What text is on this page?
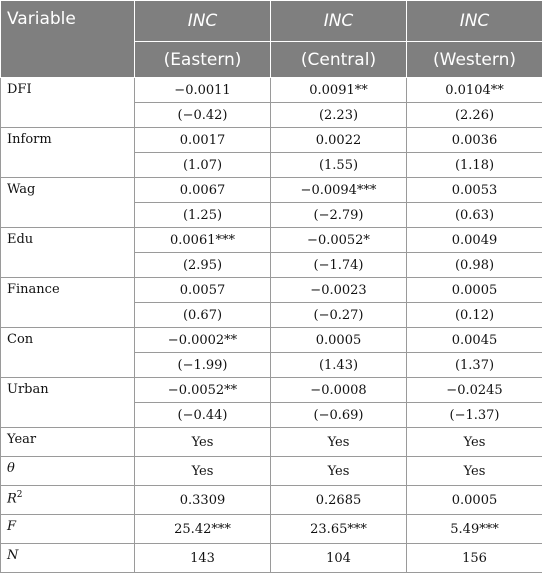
Variable	INC	INC	INC
	(Eastern)	(Central)	(Western)
DFI	−0.0011	0.0091**	0.0104**
	(−0.42)	(2.23)	(2.26)
Inform	0.0017	0.0022	0.0036
	(1.07)	(1.55)	(1.18)
Wag	0.0067	−0.0094***	0.0053
	(1.25)	(−2.79)	(0.63)
Edu	0.0061***	−0.0052*	0.0049
	(2.95)	(−1.74)	(0.98)
Finance	0.0057	−0.0023	0.0005
	(0.67)	(−0.27)	(0.12)
Con	−0.0002**	0.0005	0.0045
	(−1.99)	(1.43)	(1.37)
Urban	−0.0052**	−0.0008	−0.0245
	(−0.44)	(−0.69)	(−1.37)
Year	Yes	Yes	Yes
θ	Yes	Yes	Yes
$R^2$	0.3309	0.2685	0.0005
F	25.42***	23.65***	5.49***
N	143	104	156
